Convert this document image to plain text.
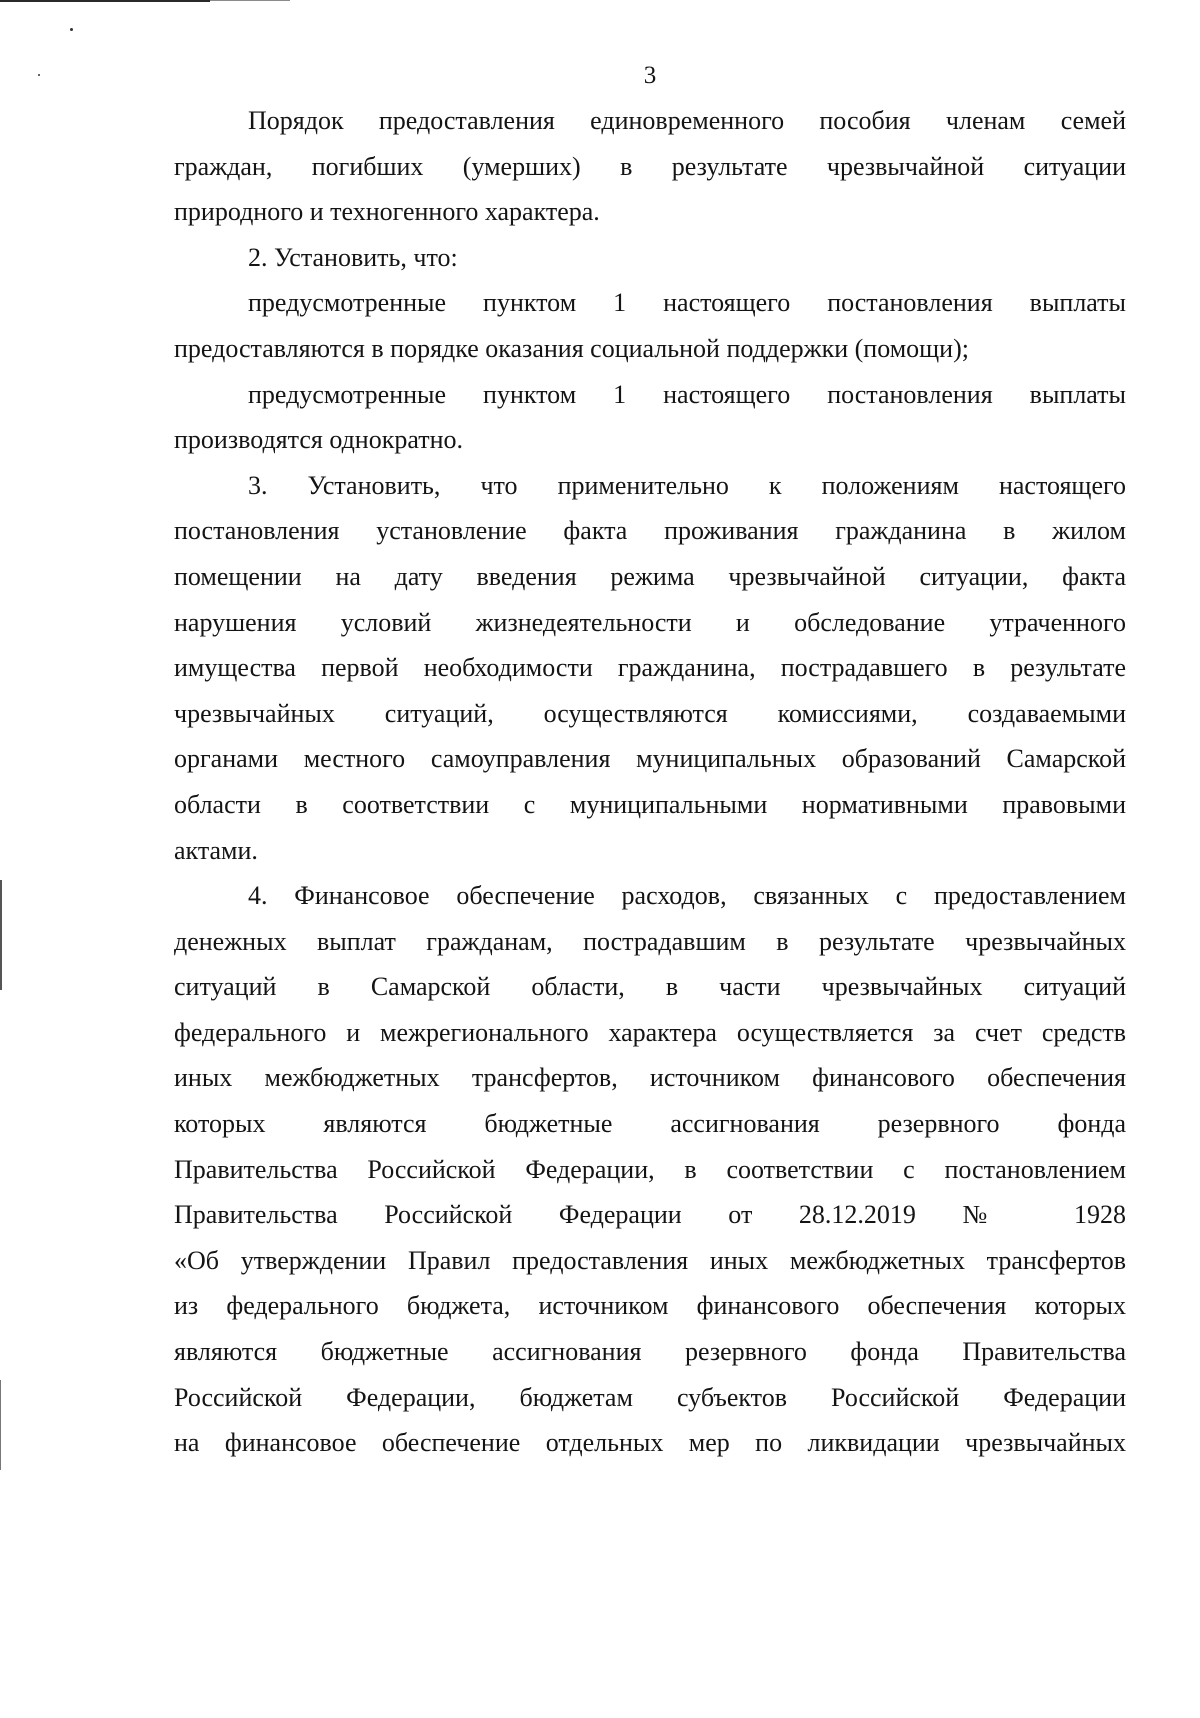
3

Порядок предоставления единовременного пособия членам семей
граждан, погибших (умерших) в результате чрезвычайной ситуации
природного и техногенного характера.

2. Установить, что:

предусмотренные пунктом 1 настоящего постановления выплаты
предоставляются в порядке оказания социальной поддержки (помощи);

предусмотренные пунктом 1 настоящего постановления выплаты
производятся однократно.

3. Установить, что применительно к положениям настоящего
постановления установление факта проживания гражданина в жилом
помещении на дату введения режима чрезвычайной ситуации, факта
нарушения условий жизнедеятельности и обследование утраченного
имущества первой необходимости гражданина, пострадавшего в результате
чрезвычайных ситуаций, осуществляются комиссиями, создаваемыми
органами местного самоуправления муниципальных образований Самарской
области в соответствии с муниципальными нормативными правовыми
актами.

4. Финансовое обеспечение расходов, связанных с предоставлением
денежных выплат гражданам, пострадавшим в результате чрезвычайных
ситуаций в Самарской области, в части чрезвычайных ситуаций
федерального и межрегионального характера осуществляется за счет средств
иных межбюджетных трансфертов, источником финансового обеспечения
которых являются бюджетные ассигнования резервного фонда
Правительства Российской Федерации, в соответствии с постановлением
Правительства Российской Федерации от 28.12.2019 № 1928
«Об утверждении Правил предоставления иных межбюджетных трансфертов
из федерального бюджета, источником финансового обеспечения которых
являются бюджетные ассигнования резервного фонда Правительства
Российской Федерации, бюджетам субъектов Российской Федерации
на финансовое обеспечение отдельных мер по ликвидации чрезвычайных
